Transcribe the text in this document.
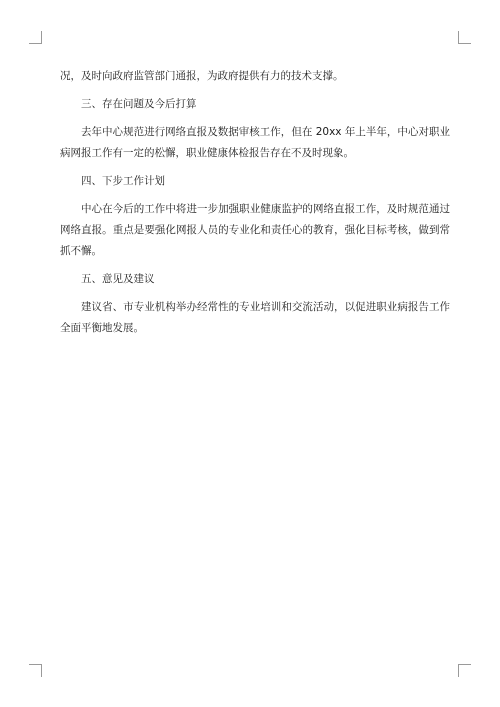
况，及时向政府监管部门通报，为政府提供有力的技术支撑。

三、存在问题及今后打算

去年中心规范进行网络直报及数据审核工作，但在 20xx 年上半年，中心对职业病网报工作有一定的松懈，职业健康体检报告存在不及时现象。

四、下步工作计划

中心在今后的工作中将进一步加强职业健康监护的网络直报工作，及时规范通过网络直报。重点是要强化网报人员的专业化和责任心的教育，强化目标考核，做到常抓不懈。

五、意见及建议

建议省、市专业机构举办经常性的专业培训和交流活动，以促进职业病报告工作全面平衡地发展。
